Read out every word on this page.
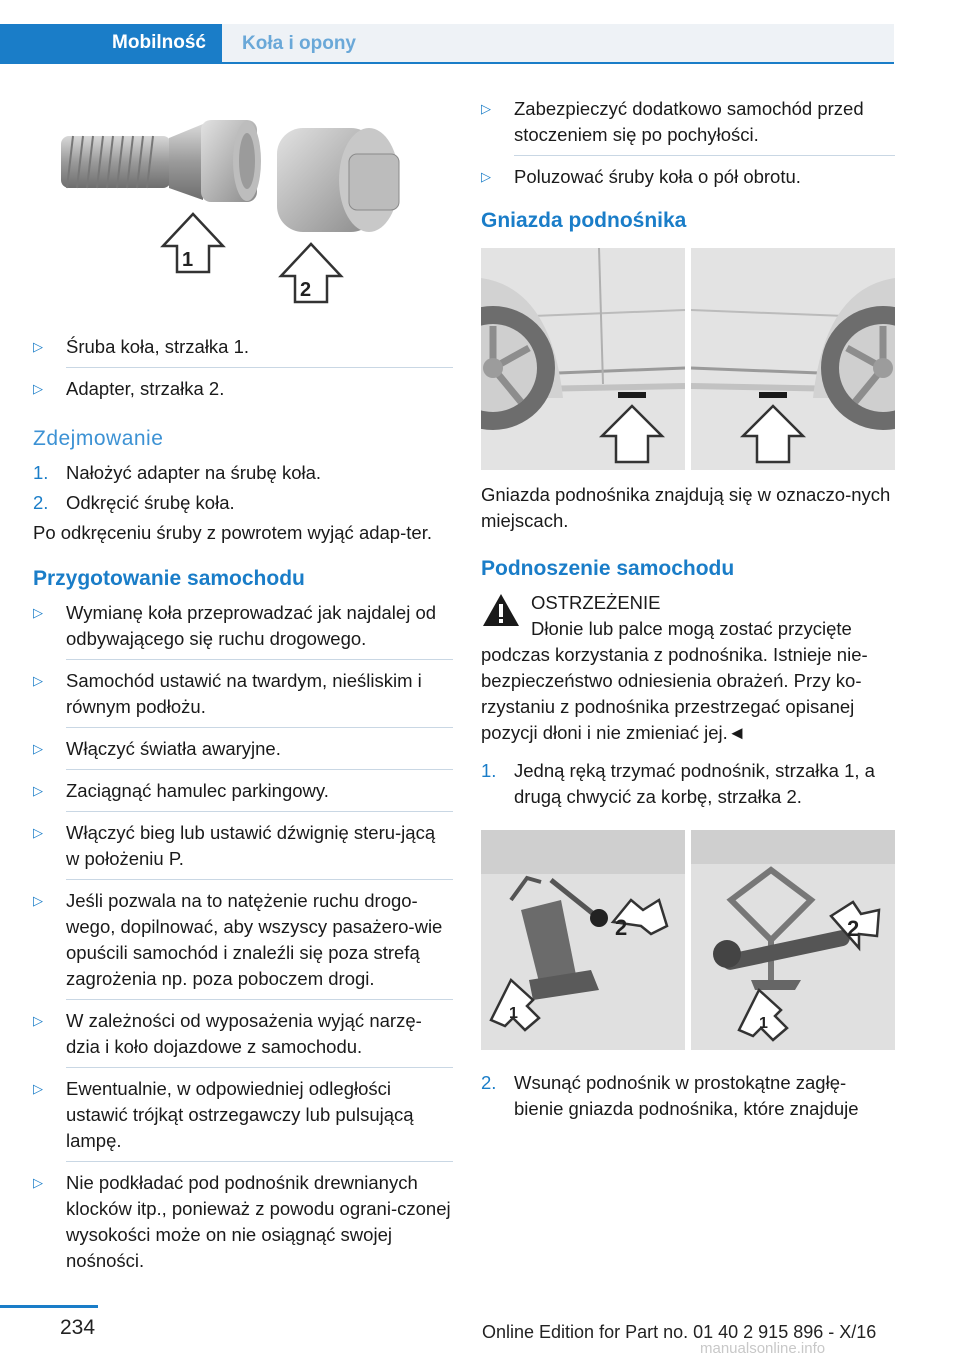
Mobilność Koła i opony
1
2
▷ Śruba koła, strzałka 1.
▷ Adapter, strzałka 2.
Zdejmowanie
1. Nałożyć adapter na śrubę koła.
2. Odkręcić śrubę koła.

Po odkręceniu śruby z powrotem wyjąć adap‐ter.

Przygotowanie samochodu
▷ Wymianę koła przeprowadzać jak najdalej od odbywającego się ruchu drogowego.
▷ Samochód ustawić na twardym, nieśliskim i równym podłożu.
▷ Włączyć światła awaryjne.
▷ Zaciągnąć hamulec parkingowy.
▷ Włączyć bieg lub ustawić dźwignię steru‐jącą w położeniu P.
▷ Jeśli pozwala na to natężenie ruchu drogo‐wego, dopilnować, aby wszyscy pasażero‐wie opuścili samochód i znaleźli się poza strefą zagrożenia np. poza poboczem drogi.
▷ W zależności od wyposażenia wyjąć narzę‐dzia i koło dojazdowe z samochodu.
▷ Ewentualnie, w odpowiedniej odległości ustawić trójkąt ostrzegawczy lub pulsującą lampę.
▷ Nie podkładać pod podnośnik drewnianych klocków itp., ponieważ z powodu ograni‐czonej wysokości może on nie osiągnąć swojej nośności.
▷ Zabezpieczyć dodatkowo samochód przed stoczeniem się po pochyłości.
▷ Poluzować śruby koła o pół obrotu.
Gniazda podnośnika

Gniazda podnośnika znajdują się w oznaczo‐nych miejscach.

Podnoszenie samochodu
OSTRZEŻENIE

Dłonie lub palce mogą zostać przycięte podczas korzystania z podnośnika. Istnieje nie‐bezpieczeństwo odniesienia obrażeń. Przy ko‐rzystaniu z podnośnika przestrzegać opisanej pozycji dłoni i nie zmieniać jej.◄

1. Jedną ręką trzymać podnośnik, strzałka 1, a drugą chwycić za korbę, strzałka 2.
2
1
2
1
2. Wsunąć podnośnik w prostokątne zagłę‐bienie gniazda podnośnika, które znajduje
234	Online Edition for Part no. 01 40 2 915 896 - X/16
manualsonline.info
